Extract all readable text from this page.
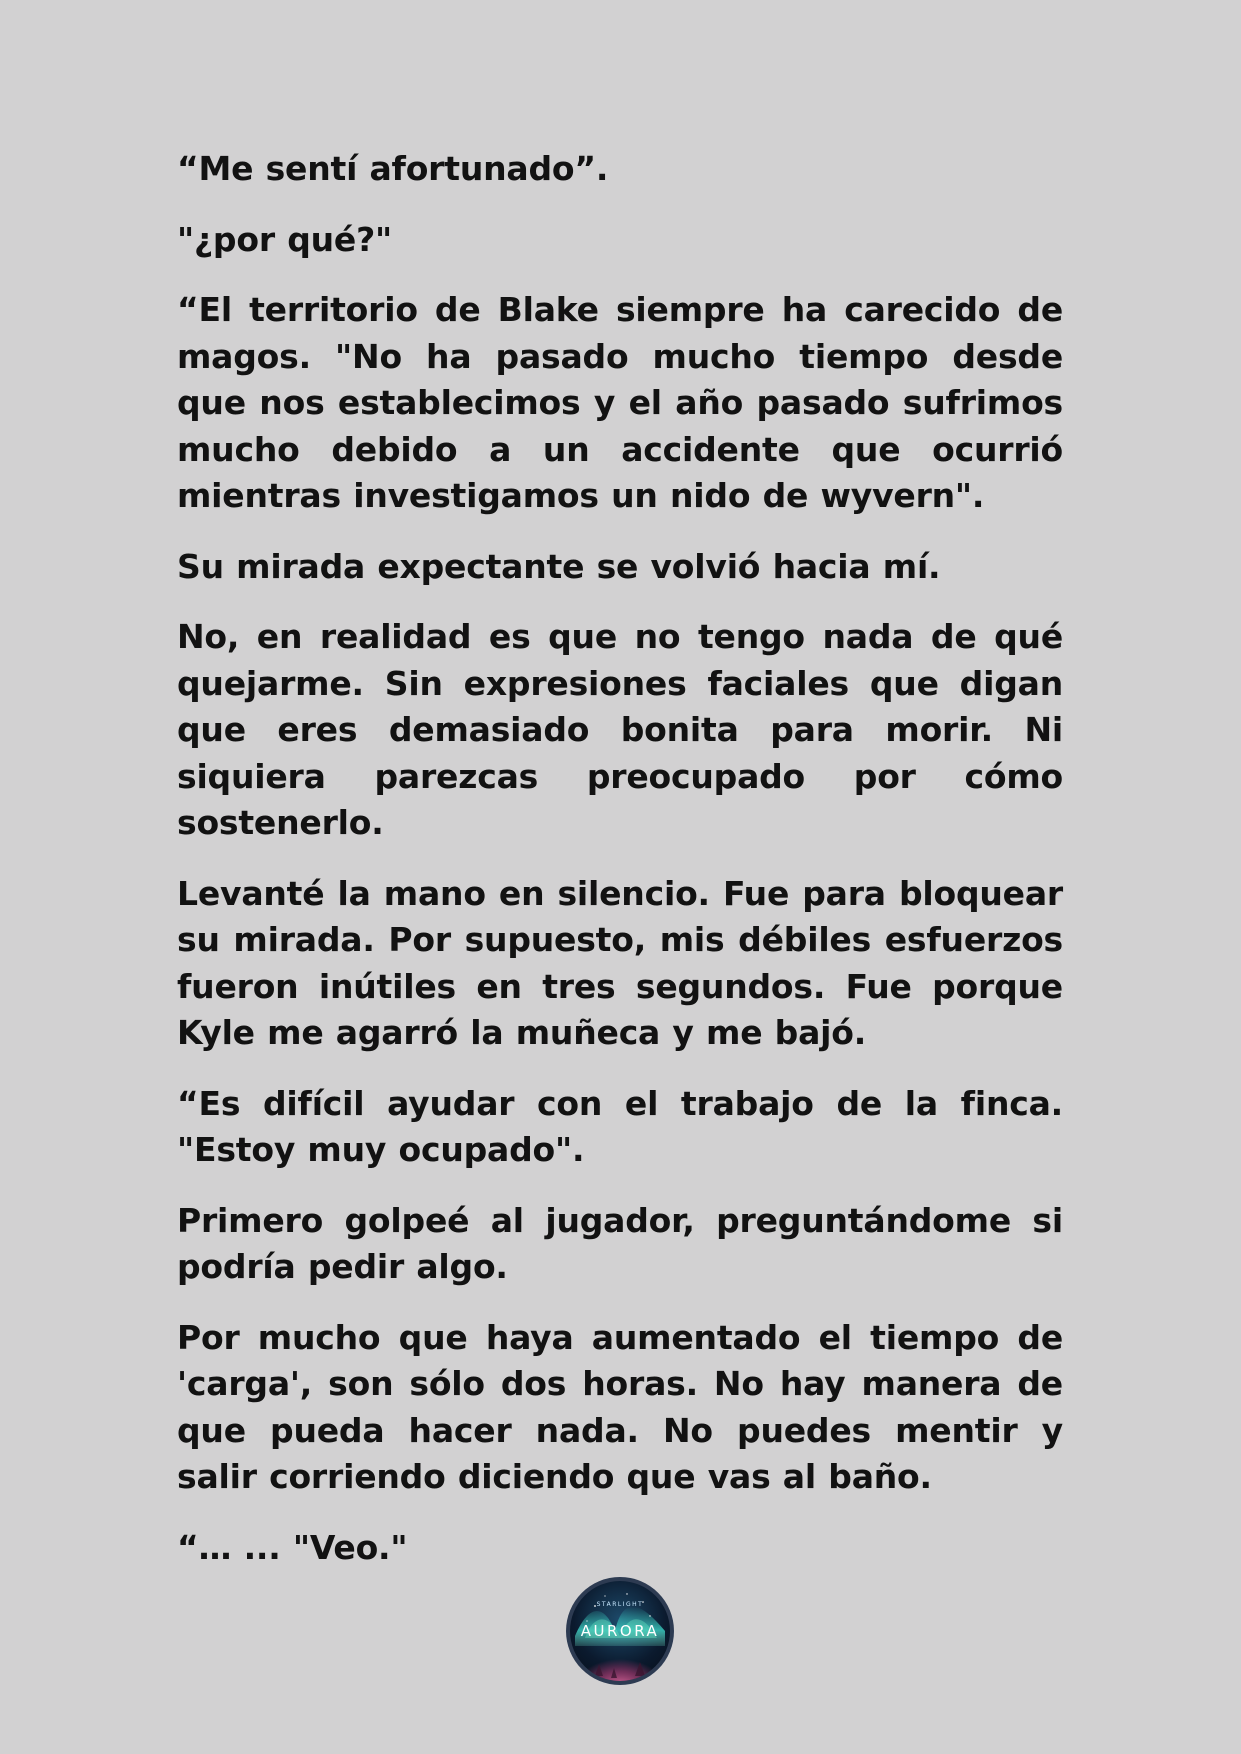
“Me sentí afortunado”.

"¿por qué?"

“El territorio de Blake siempre ha carecido de magos. "No ha pasado mucho tiempo desde que nos establecimos y el año pasado sufrimos mucho debido a un accidente que ocurrió mientras investigamos un nido de wyvern".

Su mirada expectante se volvió hacia mí.

No, en realidad es que no tengo nada de qué quejarme. Sin expresiones faciales que digan que eres demasiado bonita para morir. Ni siquiera parezcas preocupado por cómo sostenerlo.

Levanté la mano en silencio. Fue para bloquear su mirada. Por supuesto, mis débiles esfuerzos fueron inútiles en tres segundos. Fue porque Kyle me agarró la muñeca y me bajó.

“Es difícil ayudar con el trabajo de la finca. "Estoy muy ocupado".

Primero golpeé al jugador, preguntándome si podría pedir algo.

Por mucho que haya aumentado el tiempo de 'carga', son sólo dos horas. No hay manera de que pueda hacer nada. No puedes mentir y salir corriendo diciendo que vas al baño.

“… ... "Veo."

STARLIGHT
AURORA
